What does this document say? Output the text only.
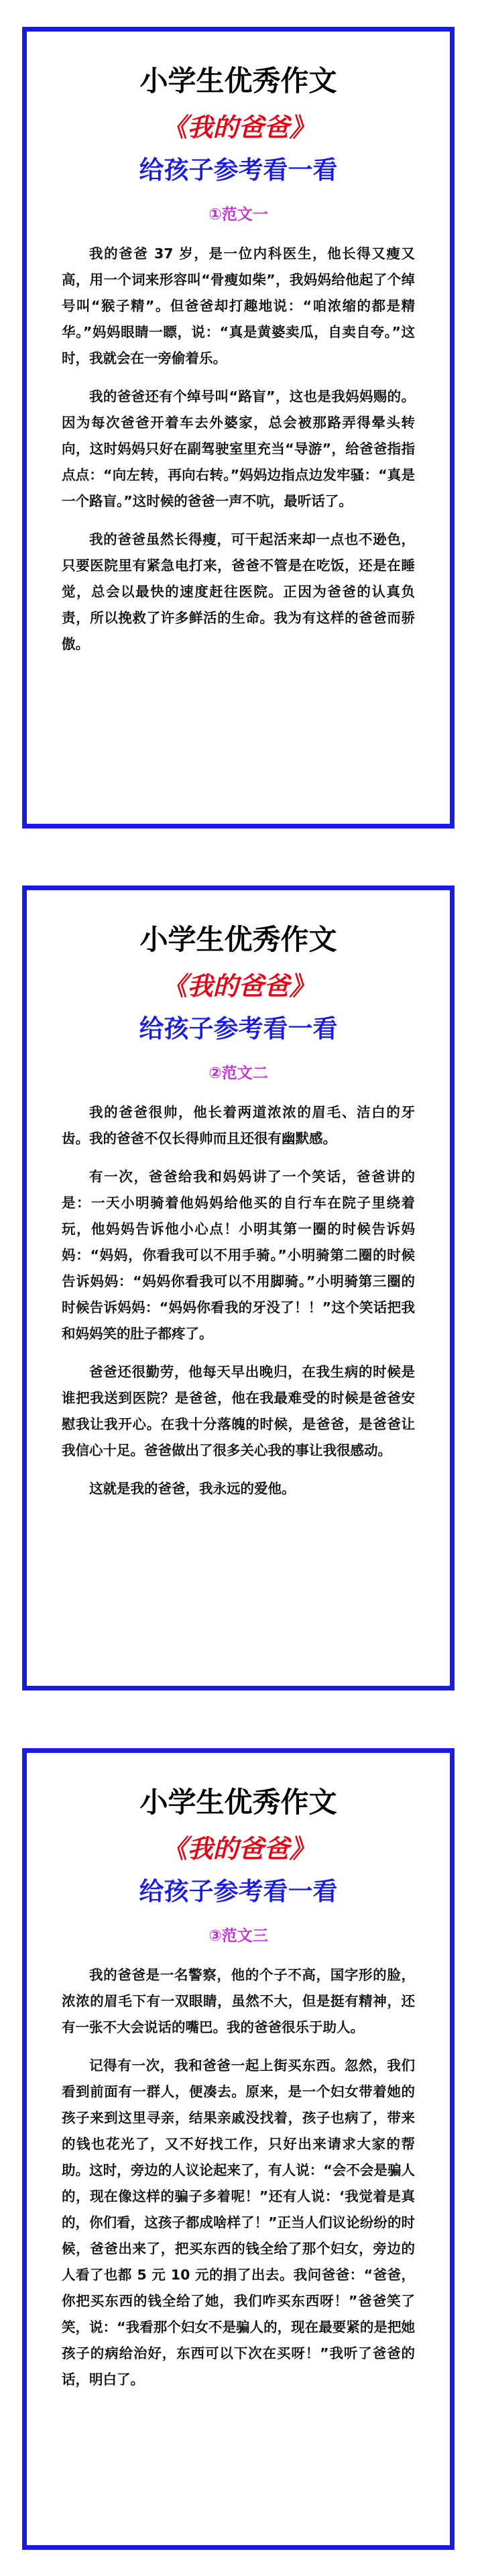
小学生优秀作文
《我的爸爸》
给孩子参考看一看
①范文一

我的爸爸 37 岁，是一位内科医生，他长得又瘦又高，用一个词来形容叫“骨瘦如柴”，我妈妈给他起了个绰号叫“猴子精”。但爸爸却打趣地说：“咱浓缩的都是精华。”妈妈眼睛一瞟，说：“真是黄婆卖瓜，自卖自夸。”这时，我就会在一旁偷着乐。

我的爸爸还有个绰号叫“路盲”，这也是我妈妈赐的。因为每次爸爸开着车去外婆家，总会被那路弄得晕头转向，这时妈妈只好在副驾驶室里充当“导游”，给爸爸指指点点：“向左转，再向右转。”妈妈边指点边发牢骚：“真是一个路盲。”这时候的爸爸一声不吭，最听话了。

我的爸爸虽然长得瘦，可干起活来却一点也不逊色，只要医院里有紧急电打来，爸爸不管是在吃饭，还是在睡觉，总会以最快的速度赶往医院。正因为爸爸的认真负责，所以挽救了许多鲜活的生命。我为有这样的爸爸而骄傲。

小学生优秀作文
《我的爸爸》
给孩子参考看一看
②范文二

我的爸爸很帅，他长着两道浓浓的眉毛、洁白的牙齿。我的爸爸不仅长得帅而且还很有幽默感。

有一次，爸爸给我和妈妈讲了一个笑话，爸爸讲的是：一天小明骑着他妈妈给他买的自行车在院子里绕着玩，他妈妈告诉他小心点！小明其第一圈的时候告诉妈妈：“妈妈，你看我可以不用手骑。”小明骑第二圈的时候告诉妈妈：“妈妈你看我可以不用脚骑。”小明骑第三圈的时候告诉妈妈：“妈妈你看我的牙没了！！”这个笑话把我和妈妈笑的肚子都疼了。

爸爸还很勤劳，他每天早出晚归，在我生病的时候是谁把我送到医院？是爸爸，他在我最难受的时候是爸爸安慰我让我开心。在我十分落魄的时候，是爸爸，是爸爸让我信心十足。爸爸做出了很多关心我的事让我很感动。

这就是我的爸爸，我永远的爱他。

小学生优秀作文
《我的爸爸》
给孩子参考看一看
③范文三

我的爸爸是一名警察，他的个子不高，国字形的脸，浓浓的眉毛下有一双眼睛，虽然不大，但是挺有精神，还有一张不大会说话的嘴巴。我的爸爸很乐于助人。

记得有一次，我和爸爸一起上街买东西。忽然，我们看到前面有一群人，便凑去。原来，是一个妇女带着她的孩子来到这里寻亲，结果亲戚没找着，孩子也病了，带来的钱也花光了，又不好找工作，只好出来请求大家的帮助。这时，旁边的人议论起来了，有人说：“会不会是骗人的，现在像这样的骗子多着呢！”还有人说：‘我觉着是真的，你们看，这孩子都成啥样了！”正当人们议论纷纷的时候，爸爸出来了，把买东西的钱全给了那个妇女，旁边的人看了也都 5 元 10 元的捐了出去。我问爸爸：“爸爸，你把买东西的钱全给了她，我们咋买东西呀！”爸爸笑了笑，说：“我看那个妇女不是骗人的，现在最要紧的是把她孩子的病给治好，东西可以下次在买呀！”我听了爸爸的话，明白了。
